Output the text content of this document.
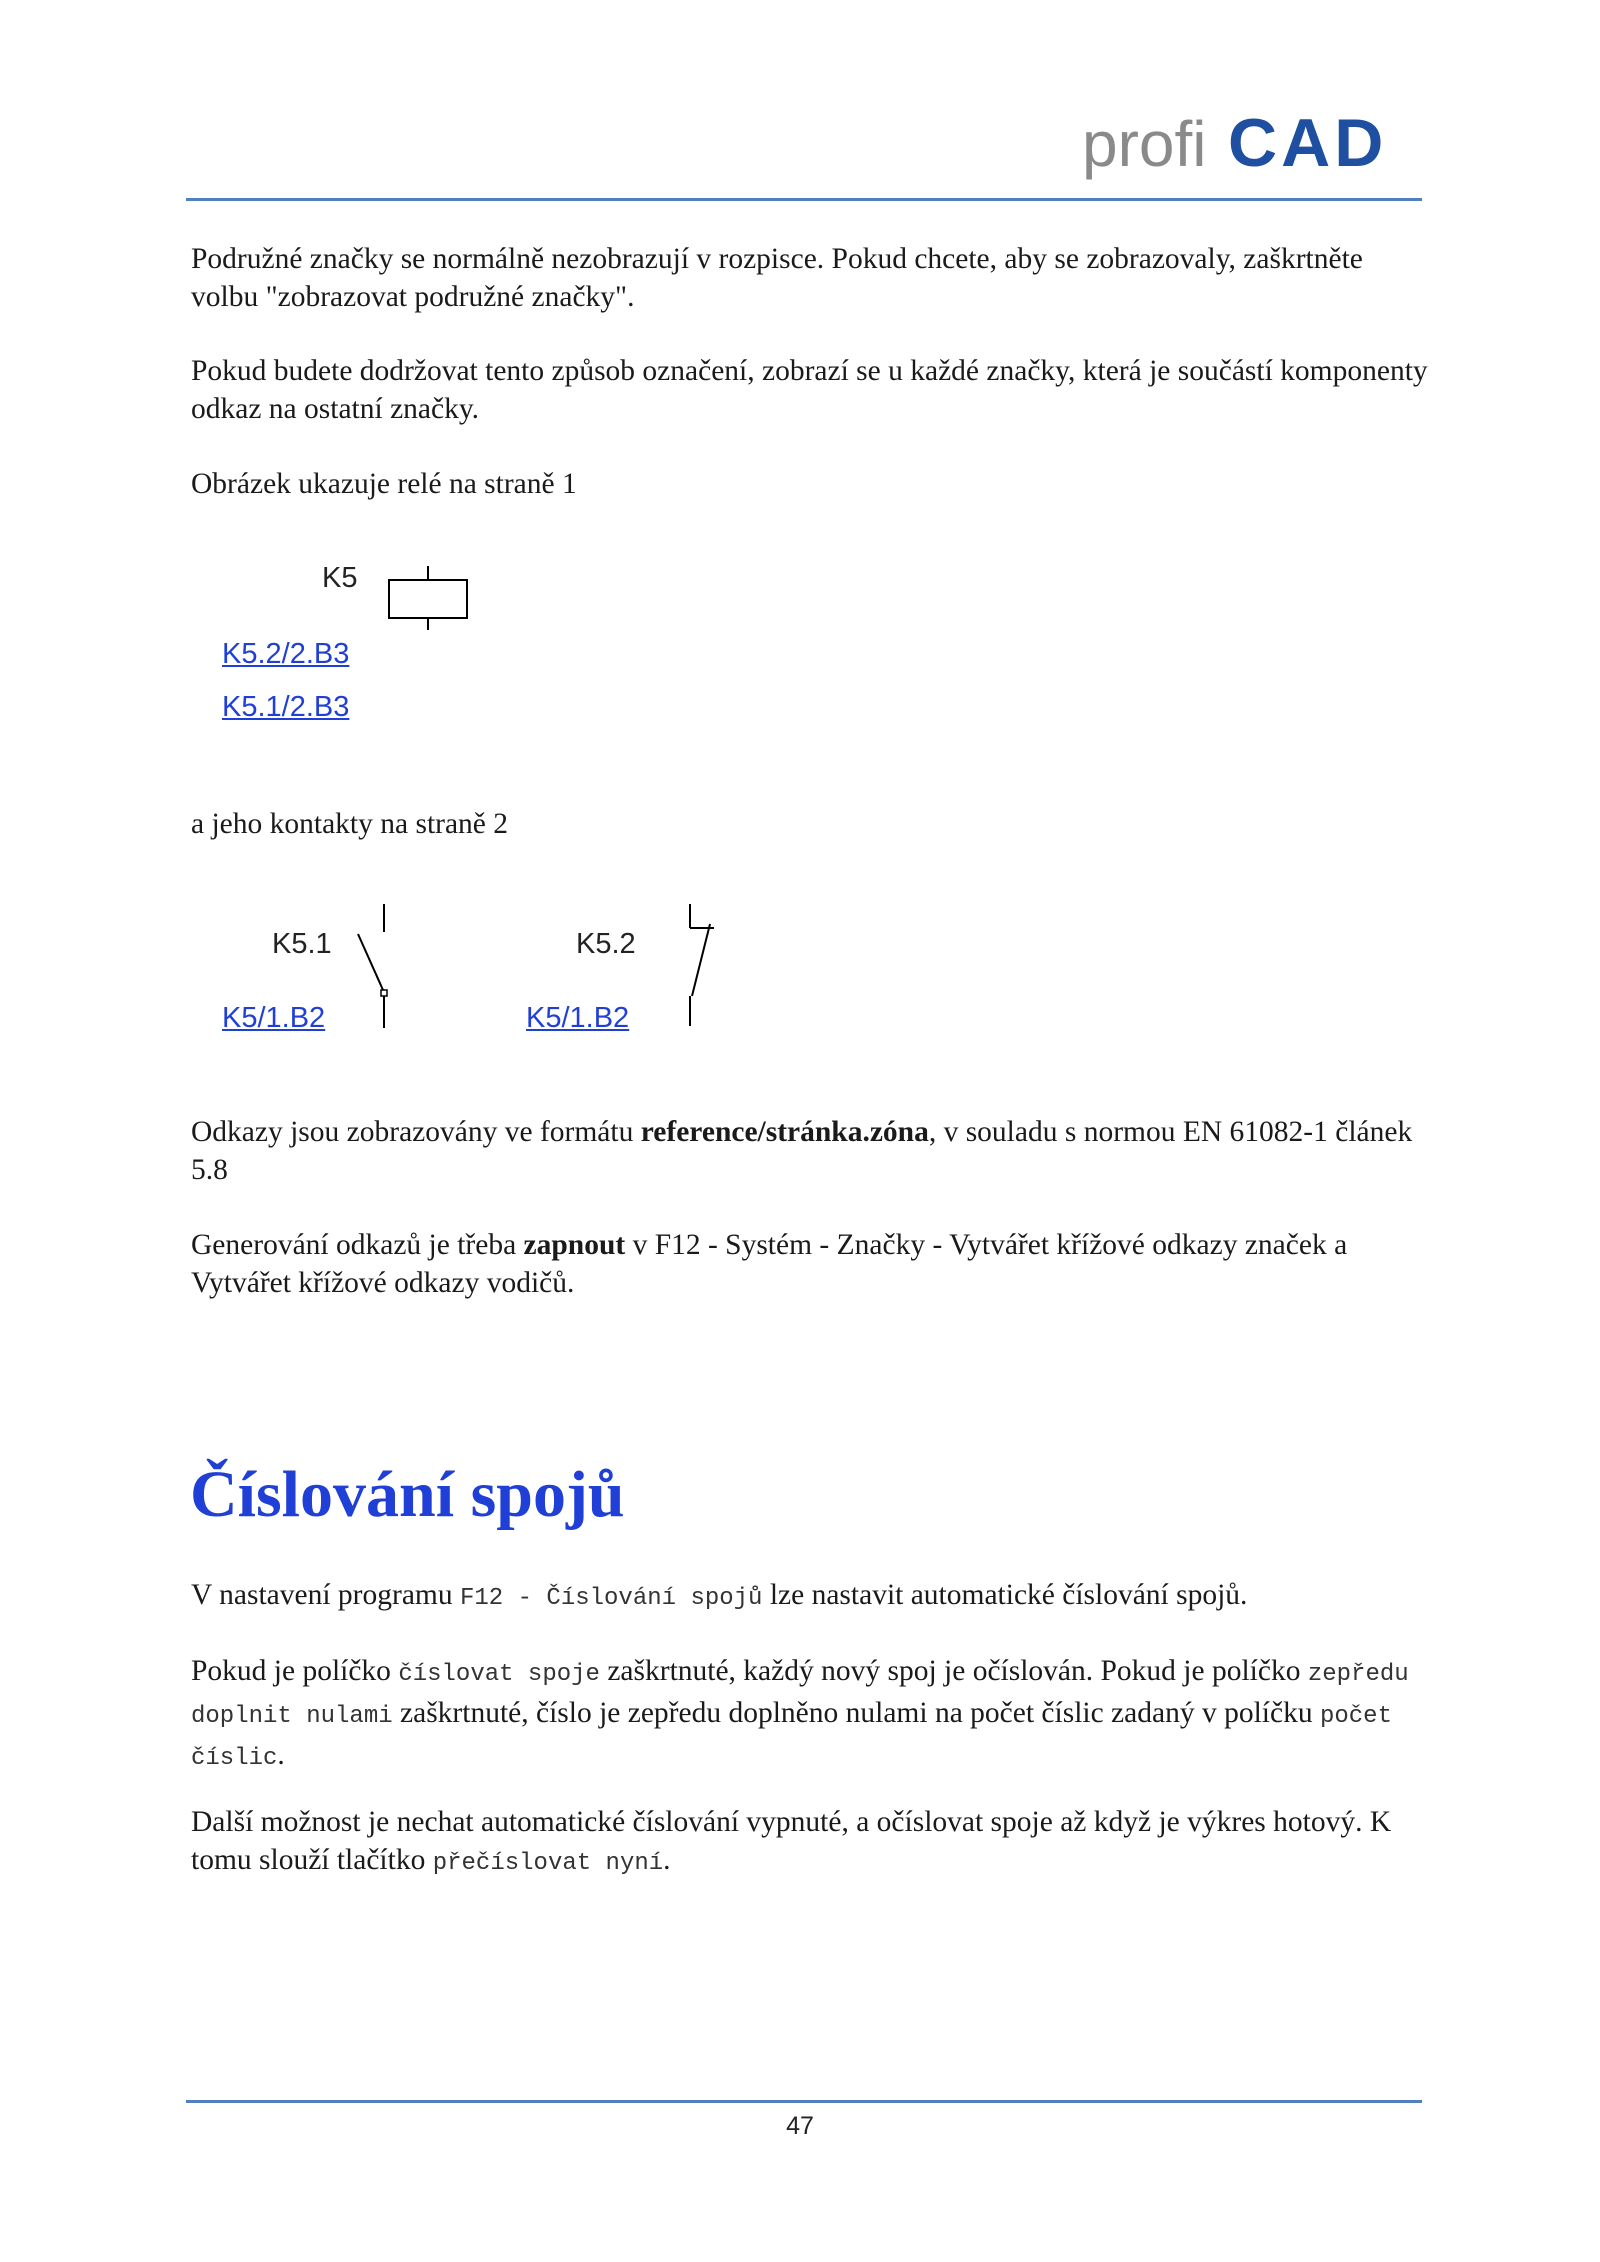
profi CAD

Podružné značky se normálně nezobrazují v rozpisce. Pokud chcete, aby se zobrazovaly, zaškrtněte volbu "zobrazovat podružné značky".

Pokud budete dodržovat tento způsob označení, zobrazí se u každé značky, která je součástí komponenty odkaz na ostatní značky.

Obrázek ukazuje relé na straně 1

K5

K5.2/2.B3

K5.1/2.B3

a jeho kontakty na straně 2

K5.1

K5/1.B2

K5.2

K5/1.B2

Odkazy jsou zobrazovány ve formátu reference/stránka.zóna, v souladu s normou EN 61082-1 článek 5.8

Generování odkazů je třeba zapnout v F12 - Systém - Značky - Vytvářet křížové odkazy značek a Vytvářet křížové odkazy vodičů.

Číslování spojů

V nastavení programu F12 - Číslování spojů lze nastavit automatické číslování spojů.

Pokud je políčko číslovat spoje zaškrtnuté, každý nový spoj je očíslován. Pokud je políčko zepředu doplnit nulami zaškrtnuté, číslo je zepředu doplněno nulami na počet číslic zadaný v políčku počet číslic.

Další možnost je nechat automatické číslování vypnuté, a očíslovat spoje až když je výkres hotový. K tomu slouží tlačítko přečíslovat nyní.

47
